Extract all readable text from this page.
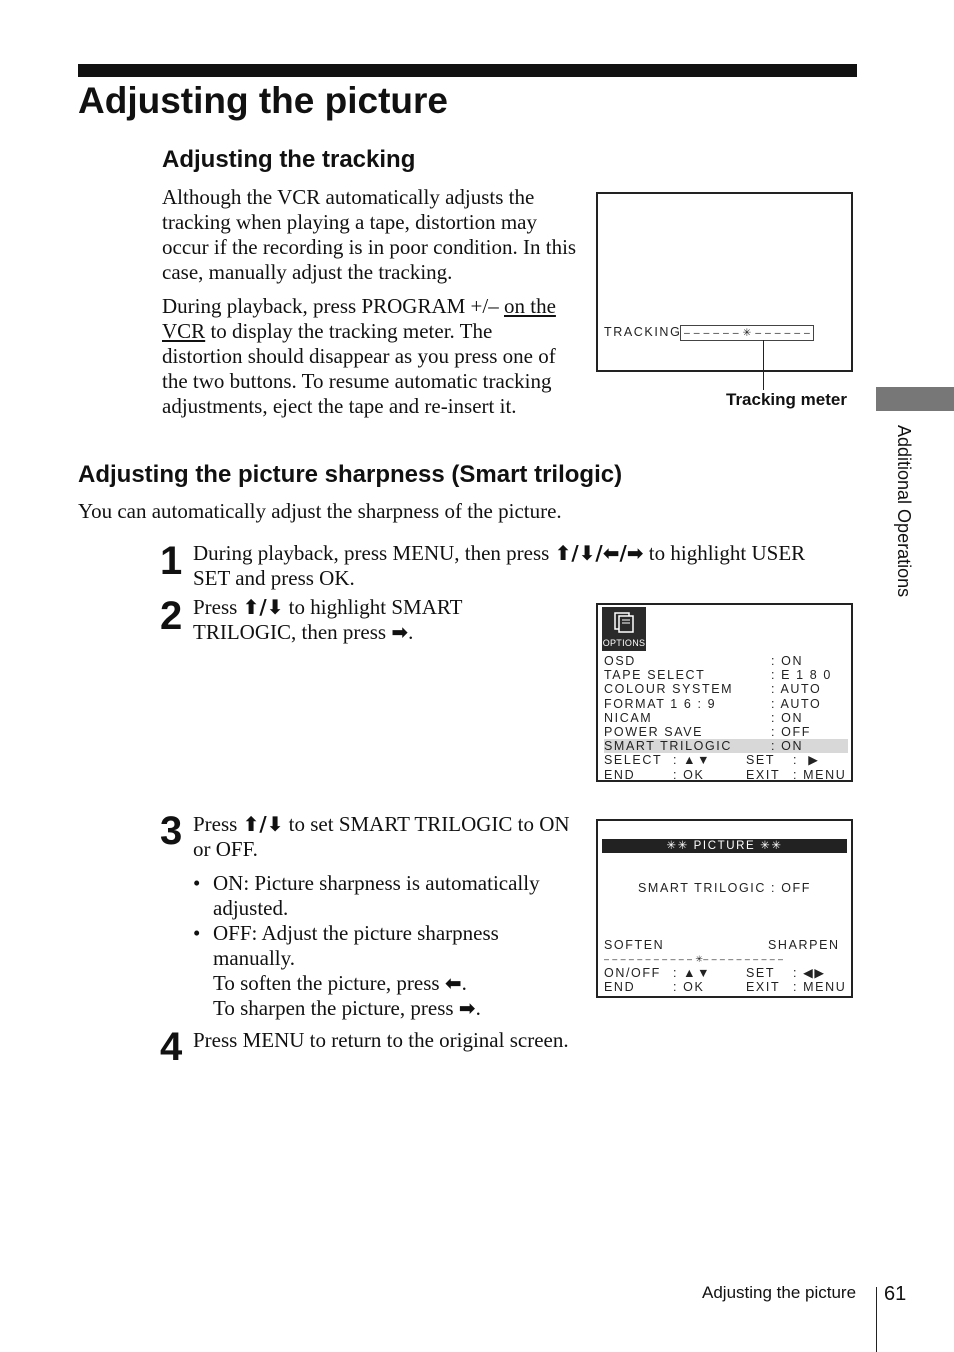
Adjusting the picture
Additional Operations
Adjusting the tracking
Although the VCR automatically adjusts the tracking when playing a tape, distortion may occur if the recording is in poor condition. In this case, manually adjust the tracking.
During playback, press PROGRAM +/– on the VCR to display the tracking meter. The distortion should disappear as you press one of the two buttons. To resume automatic tracking adjustments, eject the tape and re-insert it.
TRACKING – – – – – – ✳ – – – – – –
Tracking meter
Adjusting the picture sharpness (Smart trilogic)
You can automatically adjust the sharpness of the picture.
1 During playback, press MENU, then press ⬆/⬇/⬅/➡ to highlight USER SET and press OK.
2 Press ⬆/⬇ to highlight SMART TRILOGIC, then press ➡.	OPTIONS
OSD	: ON
TAPE SELECT	: E 1 8 0
COLOUR SYSTEM	: AUTO
FORMAT 1 6 : 9	: AUTO
NICAM	: ON
POWER SAVE	: OFF
SMART TRILOGIC	: ON
SELECT : ▲▼	SET :  ▶
END	: OK	EXIT : MENU
3 Press ⬆/⬇ to set SMART TRILOGIC to ON or OFF.
• ON: Picture sharpness is automatically adjusted.
• OFF: Adjust the picture sharpness manually.
To soften the picture, press ⬅.
To sharpen the picture, press ➡.
✳✳ PICTURE ✳✳
SMART TRILOGIC : OFF
SOFTEN	SHARPEN
– – – – – – – – – – – ✳– – – – – – – – – –
ON/OFF : ▲▼	SET : ◀▶
END	: OK	EXIT : MENU
4 Press MENU to return to the original screen.
Adjusting the picture 61
